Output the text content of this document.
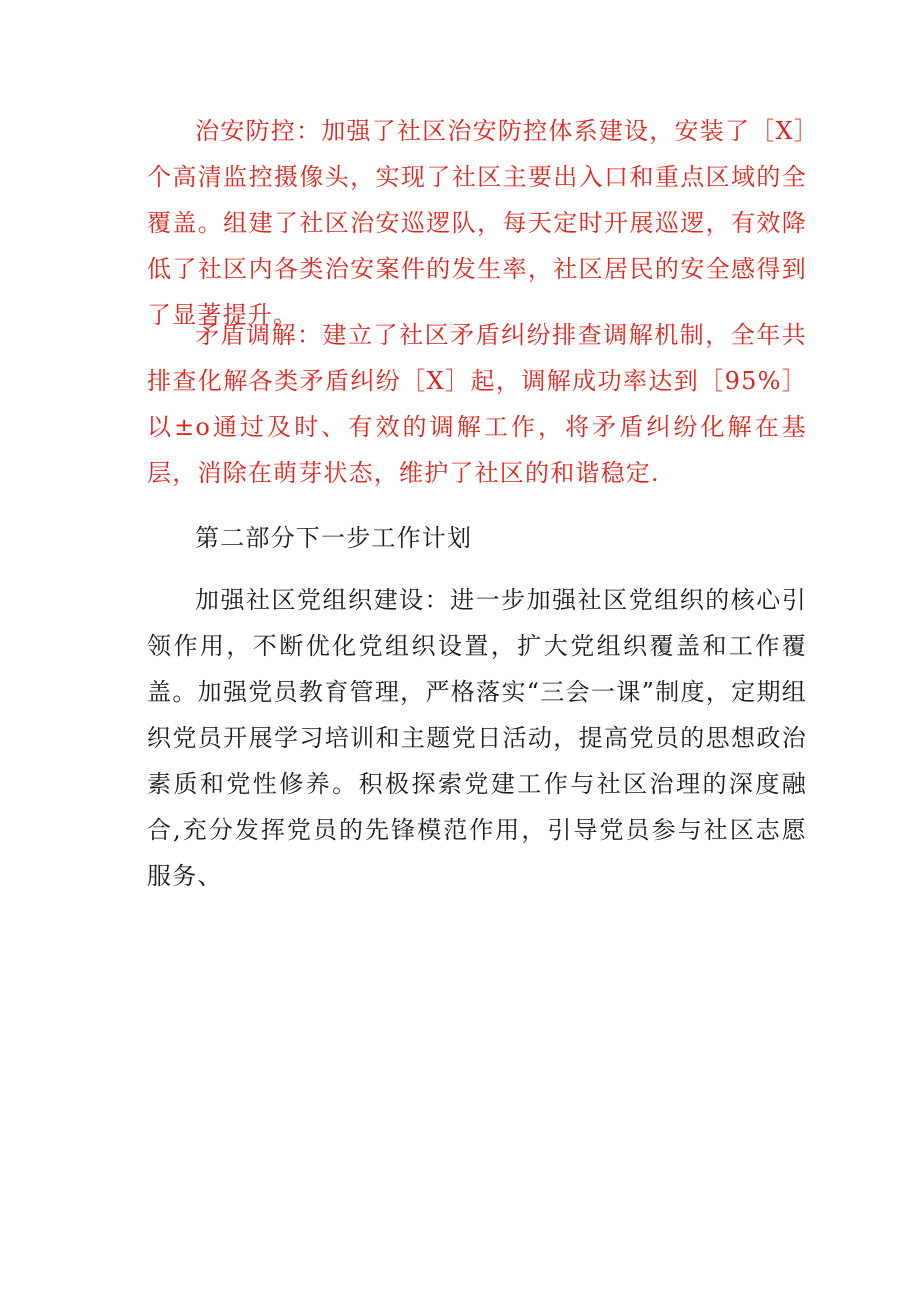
治安防控：加强了社区治安防控体系建设，安装了［X］个高清监控摄像头，实现了社区主要出入口和重点区域的全覆盖。组建了社区治安巡逻队，每天定时开展巡逻，有效降低了社区内各类治安案件的发生率，社区居民的安全感得到了显著提升。

矛盾调解：建立了社区矛盾纠纷排查调解机制，全年共排查化解各类矛盾纠纷［X］起，调解成功率达到［95%］以±o通过及时、有效的调解工作，将矛盾纠纷化解在基层，消除在萌芽状态，维护了社区的和谐稳定.

第二部分下一步工作计划

加强社区党组织建设：进一步加强社区党组织的核心引领作用，不断优化党组织设置，扩大党组织覆盖和工作覆盖。加强党员教育管理，严格落实“三会一课”制度，定期组织党员开展学习培训和主题党日活动，提高党员的思想政治素质和党性修养。积极探索党建工作与社区治理的深度融合,充分发挥党员的先锋模范作用，引导党员参与社区志愿服务、
